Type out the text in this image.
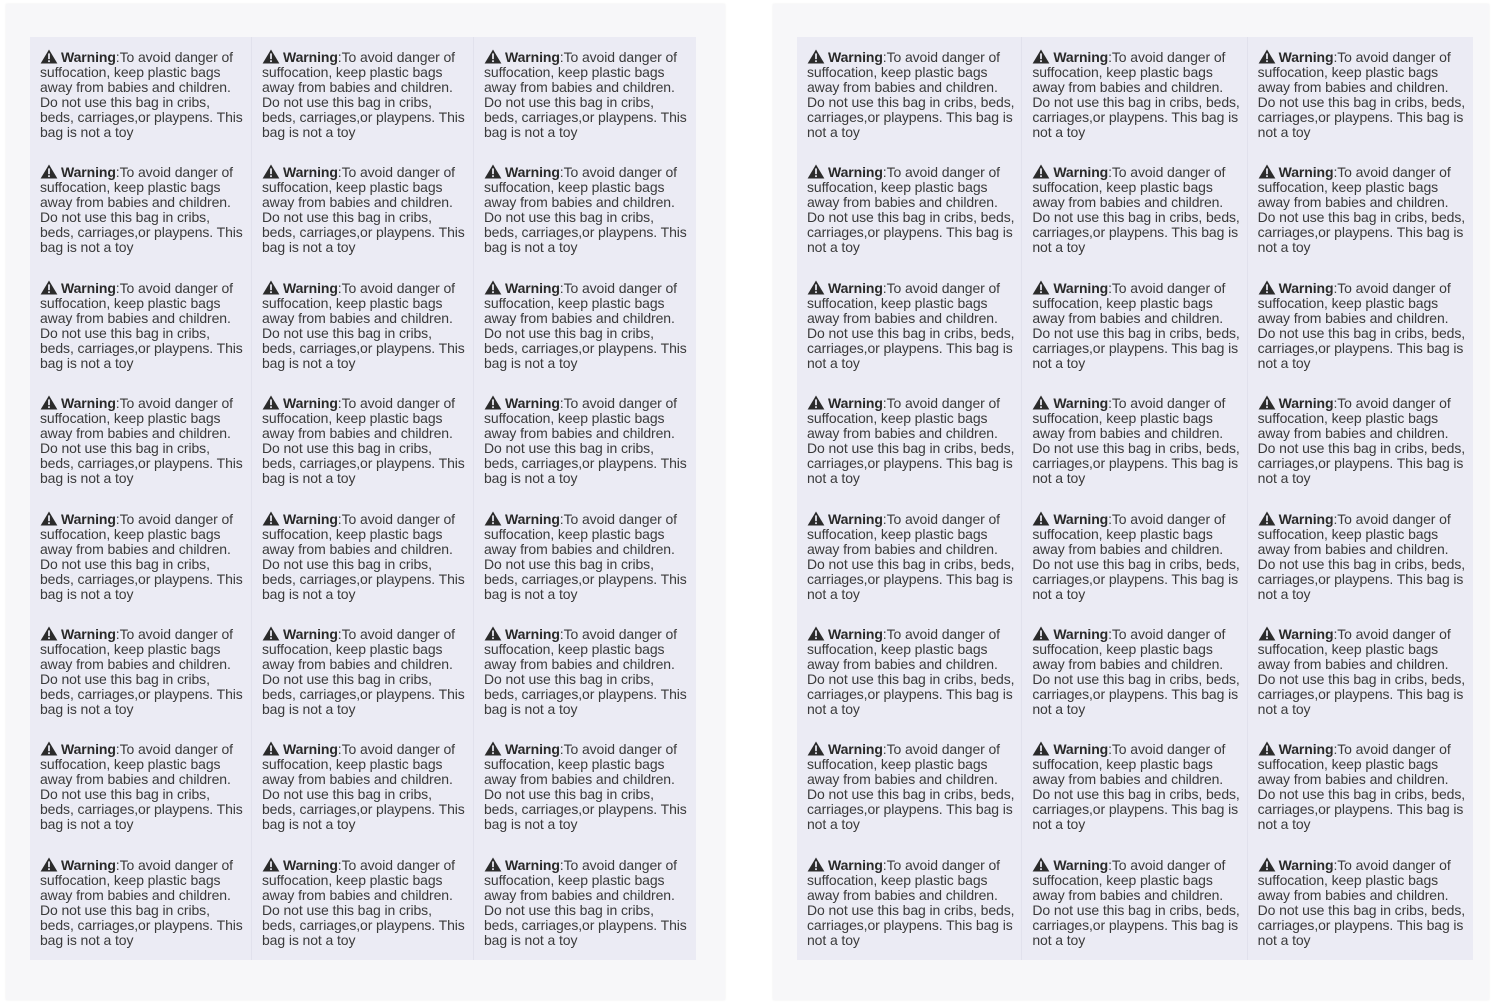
Warning:To avoid danger of suffocation, keep plastic bags away from babies and children. Do not use this bag in cribs, beds, carriages,or playpens. This bag is not a toy
Warning:To avoid danger of suffocation, keep plastic bags away from babies and children. Do not use this bag in cribs, beds, carriages,or playpens. This bag is not a toy
Warning:To avoid danger of suffocation, keep plastic bags away from babies and children. Do not use this bag in cribs, beds, carriages,or playpens. This bag is not a toy
Warning:To avoid danger of suffocation, keep plastic bags away from babies and children. Do not use this bag in cribs, beds, carriages,or playpens. This bag is not a toy
Warning:To avoid danger of suffocation, keep plastic bags away from babies and children. Do not use this bag in cribs, beds, carriages,or playpens. This bag is not a toy
Warning:To avoid danger of suffocation, keep plastic bags away from babies and children. Do not use this bag in cribs, beds, carriages,or playpens. This bag is not a toy
Warning:To avoid danger of suffocation, keep plastic bags away from babies and children. Do not use this bag in cribs, beds, carriages,or playpens. This bag is not a toy
Warning:To avoid danger of suffocation, keep plastic bags away from babies and children. Do not use this bag in cribs, beds, carriages,or playpens. This bag is not a toy
Warning:To avoid danger of suffocation, keep plastic bags away from babies and children. Do not use this bag in cribs, beds, carriages,or playpens. This bag is not a toy
Warning:To avoid danger of suffocation, keep plastic bags away from babies and children. Do not use this bag in cribs, beds, carriages,or playpens. This bag is not a toy
Warning:To avoid danger of suffocation, keep plastic bags away from babies and children. Do not use this bag in cribs, beds, carriages,or playpens. This bag is not a toy
Warning:To avoid danger of suffocation, keep plastic bags away from babies and children. Do not use this bag in cribs, beds, carriages,or playpens. This bag is not a toy
Warning:To avoid danger of suffocation, keep plastic bags away from babies and children. Do not use this bag in cribs, beds, carriages,or playpens. This bag is not a toy
Warning:To avoid danger of suffocation, keep plastic bags away from babies and children. Do not use this bag in cribs, beds, carriages,or playpens. This bag is not a toy
Warning:To avoid danger of suffocation, keep plastic bags away from babies and children. Do not use this bag in cribs, beds, carriages,or playpens. This bag is not a toy
Warning:To avoid danger of suffocation, keep plastic bags away from babies and children. Do not use this bag in cribs, beds, carriages,or playpens. This bag is not a toy
Warning:To avoid danger of suffocation, keep plastic bags away from babies and children. Do not use this bag in cribs, beds, carriages,or playpens. This bag is not a toy
Warning:To avoid danger of suffocation, keep plastic bags away from babies and children. Do not use this bag in cribs, beds, carriages,or playpens. This bag is not a toy
Warning:To avoid danger of suffocation, keep plastic bags away from babies and children. Do not use this bag in cribs, beds, carriages,or playpens. This bag is not a toy
Warning:To avoid danger of suffocation, keep plastic bags away from babies and children. Do not use this bag in cribs, beds, carriages,or playpens. This bag is not a toy
Warning:To avoid danger of suffocation, keep plastic bags away from babies and children. Do not use this bag in cribs, beds, carriages,or playpens. This bag is not a toy
Warning:To avoid danger of suffocation, keep plastic bags away from babies and children. Do not use this bag in cribs, beds, carriages,or playpens. This bag is not a toy
Warning:To avoid danger of suffocation, keep plastic bags away from babies and children. Do not use this bag in cribs, beds, carriages,or playpens. This bag is not a toy
Warning:To avoid danger of suffocation, keep plastic bags away from babies and children. Do not use this bag in cribs, beds, carriages,or playpens. This bag is not a toy
Warning:To avoid danger of suffocation, keep plastic bags away from babies and children. Do not use this bag in cribs, beds, carriages,or playpens. This bag is not a toy
Warning:To avoid danger of suffocation, keep plastic bags away from babies and children. Do not use this bag in cribs, beds, carriages,or playpens. This bag is not a toy
Warning:To avoid danger of suffocation, keep plastic bags away from babies and children. Do not use this bag in cribs, beds, carriages,or playpens. This bag is not a toy
Warning:To avoid danger of suffocation, keep plastic bags away from babies and children. Do not use this bag in cribs, beds, carriages,or playpens. This bag is not a toy
Warning:To avoid danger of suffocation, keep plastic bags away from babies and children. Do not use this bag in cribs, beds, carriages,or playpens. This bag is not a toy
Warning:To avoid danger of suffocation, keep plastic bags away from babies and children. Do not use this bag in cribs, beds, carriages,or playpens. This bag is not a toy
Warning:To avoid danger of suffocation, keep plastic bags away from babies and children. Do not use this bag in cribs, beds, carriages,or playpens. This bag is not a toy
Warning:To avoid danger of suffocation, keep plastic bags away from babies and children. Do not use this bag in cribs, beds, carriages,or playpens. This bag is not a toy
Warning:To avoid danger of suffocation, keep plastic bags away from babies and children. Do not use this bag in cribs, beds, carriages,or playpens. This bag is not a toy
Warning:To avoid danger of suffocation, keep plastic bags away from babies and children. Do not use this bag in cribs, beds, carriages,or playpens. This bag is not a toy
Warning:To avoid danger of suffocation, keep plastic bags away from babies and children. Do not use this bag in cribs, beds, carriages,or playpens. This bag is not a toy
Warning:To avoid danger of suffocation, keep plastic bags away from babies and children. Do not use this bag in cribs, beds, carriages,or playpens. This bag is not a toy
Warning:To avoid danger of suffocation, keep plastic bags away from babies and children. Do not use this bag in cribs, beds, carriages,or playpens. This bag is not a toy
Warning:To avoid danger of suffocation, keep plastic bags away from babies and children. Do not use this bag in cribs, beds, carriages,or playpens. This bag is not a toy
Warning:To avoid danger of suffocation, keep plastic bags away from babies and children. Do not use this bag in cribs, beds, carriages,or playpens. This bag is not a toy
Warning:To avoid danger of suffocation, keep plastic bags away from babies and children. Do not use this bag in cribs, beds, carriages,or playpens. This bag is not a toy
Warning:To avoid danger of suffocation, keep plastic bags away from babies and children. Do not use this bag in cribs, beds, carriages,or playpens. This bag is not a toy
Warning:To avoid danger of suffocation, keep plastic bags away from babies and children. Do not use this bag in cribs, beds, carriages,or playpens. This bag is not a toy
Warning:To avoid danger of suffocation, keep plastic bags away from babies and children. Do not use this bag in cribs, beds, carriages,or playpens. This bag is not a toy
Warning:To avoid danger of suffocation, keep plastic bags away from babies and children. Do not use this bag in cribs, beds, carriages,or playpens. This bag is not a toy
Warning:To avoid danger of suffocation, keep plastic bags away from babies and children. Do not use this bag in cribs, beds, carriages,or playpens. This bag is not a toy
Warning:To avoid danger of suffocation, keep plastic bags away from babies and children. Do not use this bag in cribs, beds, carriages,or playpens. This bag is not a toy
Warning:To avoid danger of suffocation, keep plastic bags away from babies and children. Do not use this bag in cribs, beds, carriages,or playpens. This bag is not a toy
Warning:To avoid danger of suffocation, keep plastic bags away from babies and children. Do not use this bag in cribs, beds, carriages,or playpens. This bag is not a toy
